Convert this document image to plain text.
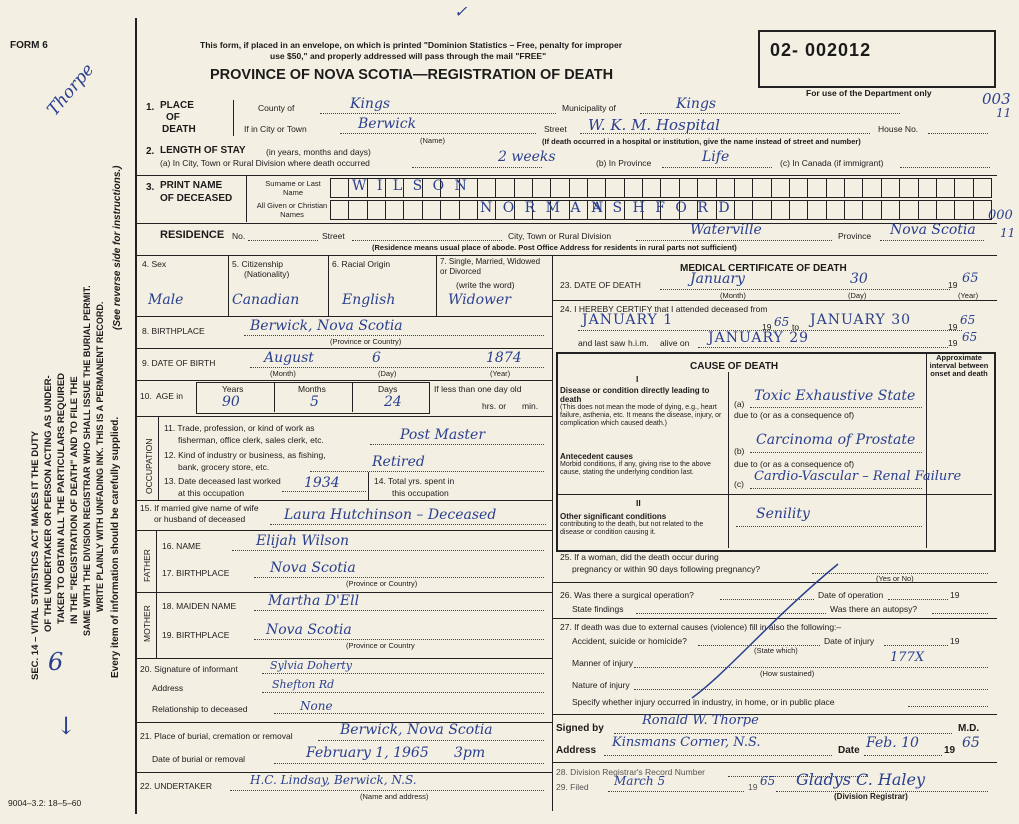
FORM 6
Thorpe
6
↓
SEC. 14 – VITAL STATISTICS ACT MAKES IT THE DUTY OF THE UNDERTAKER OR PERSON ACTING AS UNDER- TAKER TO OBTAIN ALL THE PARTICULARS REQUIRED IN THE "REGISTRATION OF DEATH" AND TO FILE THE SAME WITH THE DIVISION REGISTRAR WHO SHALL ISSUE THE BURIAL PERMIT. WRITE PLAINLY WITH UNFADING INK. THIS IS A PERMANENT RECORD. Every item of information should be carefully supplied.
(See reverse side for instructions.)
9004–3.2: 18–5–60
This form, if placed in an envelope, on which is printed "Dominion Statistics – Free, penalty for improper
use $50," and properly addressed will pass through the mail "FREE"
PROVINCE OF NOVA SCOTIA—REGISTRATION OF DEATH
✓
02- 002012
For use of the Department only	003
11
000
11
1. PLACE
OF
DEATH
County of	Kings	Municipality of	Kings
If in City or Town	Berwick
(Name)
Street W. K. M. Hospital	House No.
(If death occurred in a hospital or institution, give the name instead of street and number)
2. LENGTH OF STAY (in years, months and days)
(a) In City, Town or Rural Division where death occurred	2 weeks	(b) In Province	Life	(c) In Canada (if immigrant)
3. PRINT NAME
OF DECEASED
Surname or Last Name
All Given or Christian Names
W I L S O N
N O R M A N
A S H F O R D
RESIDENCE No.	Street	City, Town or Rural Division	Waterville	Province Nova Scotia
(Residence means usual place of abode. Post Office Address for residents in rural parts not sufficient)
4. Sex	5. Citizenship
(Nationality)
6. Racial Origin	7. Single, Married, Widowed or Divorced
(write the word)
Male	Canadian	English	Widower
8. BIRTHPLACE	Berwick, Nova Scotia
(Province or Country)
9. DATE OF BIRTH	August	6	1874
(Month)	(Day)	(Year)
10. AGE in
Years	Months	Days
90	5	24
If less than one day old
hrs. or min.
OCCUPATION
11. Trade, profession, or kind of work as
fisherman, office clerk, sales clerk, etc.	Post Master
12. Kind of industry or business, as fishing,
bank, grocery store, etc.	Retired
13. Date deceased last worked
at this occupation
1934	14. Total yrs. spent in
this occupation
15. If married give name of wife
or husband of deceased	Laura Hutchinson – Deceased
FATHER
MOTHER
16. NAME	Elijah Wilson
17. BIRTHPLACE	Nova Scotia
(Province or Country)
18. MAIDEN NAME Martha D'Ell
19. BIRTHPLACE	Nova Scotia
(Province or Country
20. Signature of informant	Sylvia Doherty
Address	Shefton Rd
Relationship to deceased	None
21. Place of burial, cremation or removal	Berwick, Nova Scotia
Date of burial or removal	February 1, 1965 3pm
22. UNDERTAKER	H.C. Lindsay, Berwick, N.S.
(Name and address)
MEDICAL CERTIFICATE OF DEATH
23. DATE OF DEATH	January	30	19 65
(Month)	(Day)	(Year)
24. I HEREBY CERTIFY that I attended deceased from
JANUARY 1	19 65 to JANUARY 30	19 65
and last saw h.i.m. alive on JANUARY 29	19 65
CAUSE OF DEATH
Approximate interval between onset and death
I
Disease or condition directly leading to death
(This does not mean the mode of dying, e.g., heart failure, asthenia, etc. It means the disease, injury, or complication which caused death.)
(a) Toxic Exhaustive State
due to (or as a consequence of)
Antecedent causes
Morbid conditions, if any, giving rise to the above cause, stating the underlying condition last.
(b)
Carcinoma of Prostate
due to (or as a consequence of)
(c) Cardio-Vascular – Renal Failure
II
Other significant conditions
contributing to the death, but not related to the disease or condition causing it.
Senility
25. If a woman, did the death occur during
pregnancy or within 90 days following pregnancy?
(Yes or No)
26. Was there a surgical operation?	Date of operation	19
State findings	Was there an autopsy?
27. If death was due to external causes (violence) fill in also the following:–
Accident, suicide or homicide?	Date of injury	19
(State which)
Manner of injury	177X
(How sustained)
Nature of injury
Specify whether injury occurred in industry, in home, or in public place
Signed by
Ronald W. Thorpe
M.D.
Address
Kinsmans Corner, N.S.
Date Feb. 10	19 65
28. Division Registrar's Record Number
29. Filed March 5	19 65 Gladys C. Haley
(Division Registrar)
